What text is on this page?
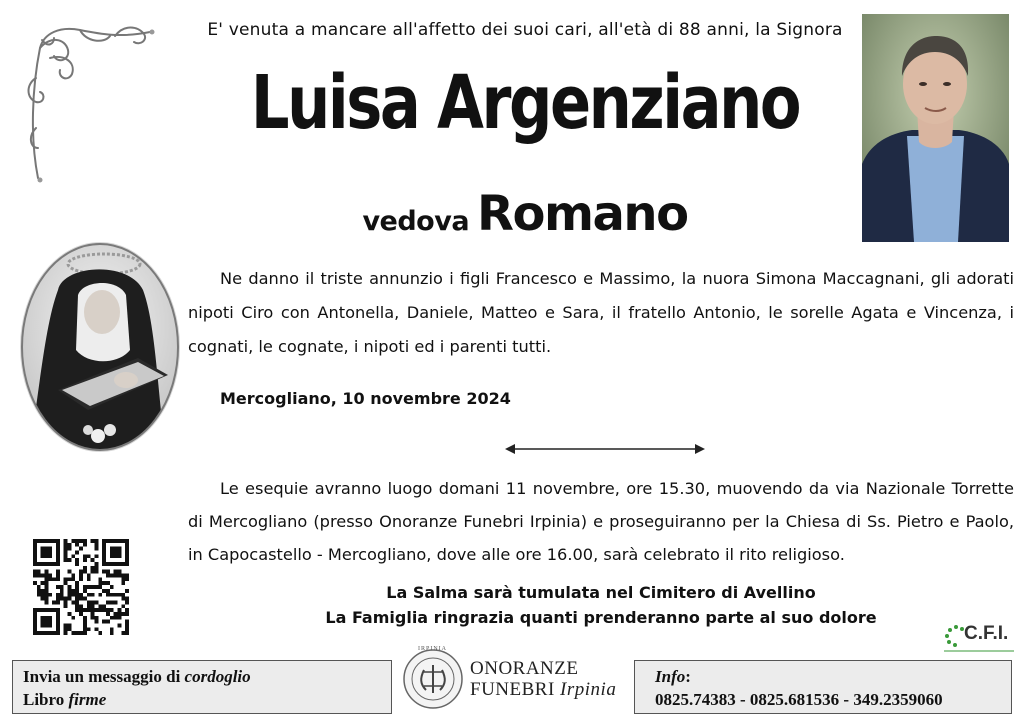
E' venuta a mancare all'affetto dei suoi cari, all'età di 88 anni, la Signora
Luisa Argenziano
vedova Romano
Ne danno il triste annunzio i figli Francesco e Massimo, la nuora Simona Maccagnani, gli adorati nipoti Ciro con Antonella, Daniele, Matteo e Sara, il fratello Antonio, le sorelle Agata e Vincenza, i cognati, le cognate, i nipoti ed i parenti tutti.
Mercogliano, 10 novembre 2024
Le esequie avranno luogo domani 11 novembre, ore 15.30, muovendo da via Nazionale Torrette di Mercogliano (presso Onoranze Funebri Irpinia) e proseguiranno per la Chiesa di Ss. Pietro e Paolo, in Capocastello - Mercogliano, dove alle ore 16.00, sarà celebrato il rito religioso.
La Salma sarà tumulata nel Cimitero di Avellino
La Famiglia ringrazia quanti prenderanno parte al suo dolore
C.F.I.
Invia un messaggio di cordoglio
Libro firme
IRPINIA
ONORANZE
FUNEBRI Irpinia
Info:
0825.74383 - 0825.681536 - 349.2359060
